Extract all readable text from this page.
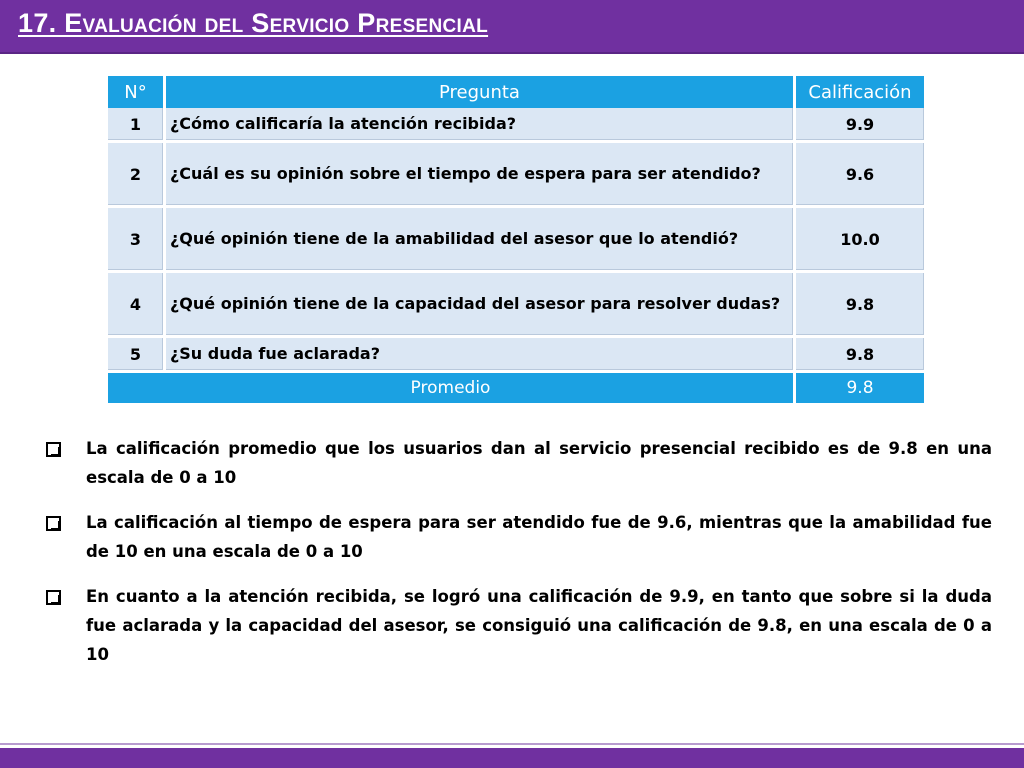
17. Evaluación del Servicio Presencial
N°	Pregunta	Calificación
1	¿Cómo calificaría la atención recibida?	9.9
2	¿Cuál es su opinión sobre el tiempo de espera para ser atendido?	9.6
3	¿Qué opinión tiene de la amabilidad del asesor que lo atendió?	10.0
4	¿Qué opinión tiene de la capacidad del asesor para resolver dudas?	9.8
5	¿Su duda fue aclarada?	9.8
Promedio		9.8
La calificación promedio que los usuarios dan al servicio presencial recibido es de 9.8 en una escala de 0 a 10
La calificación al tiempo de espera para ser atendido fue de 9.6, mientras que la amabilidad fue de 10 en una escala de 0 a 10
En cuanto a la atención recibida, se logró una calificación de 9.9, en tanto que sobre si la duda fue aclarada y la capacidad del asesor, se consiguió una calificación de 9.8, en una escala de 0 a 10
